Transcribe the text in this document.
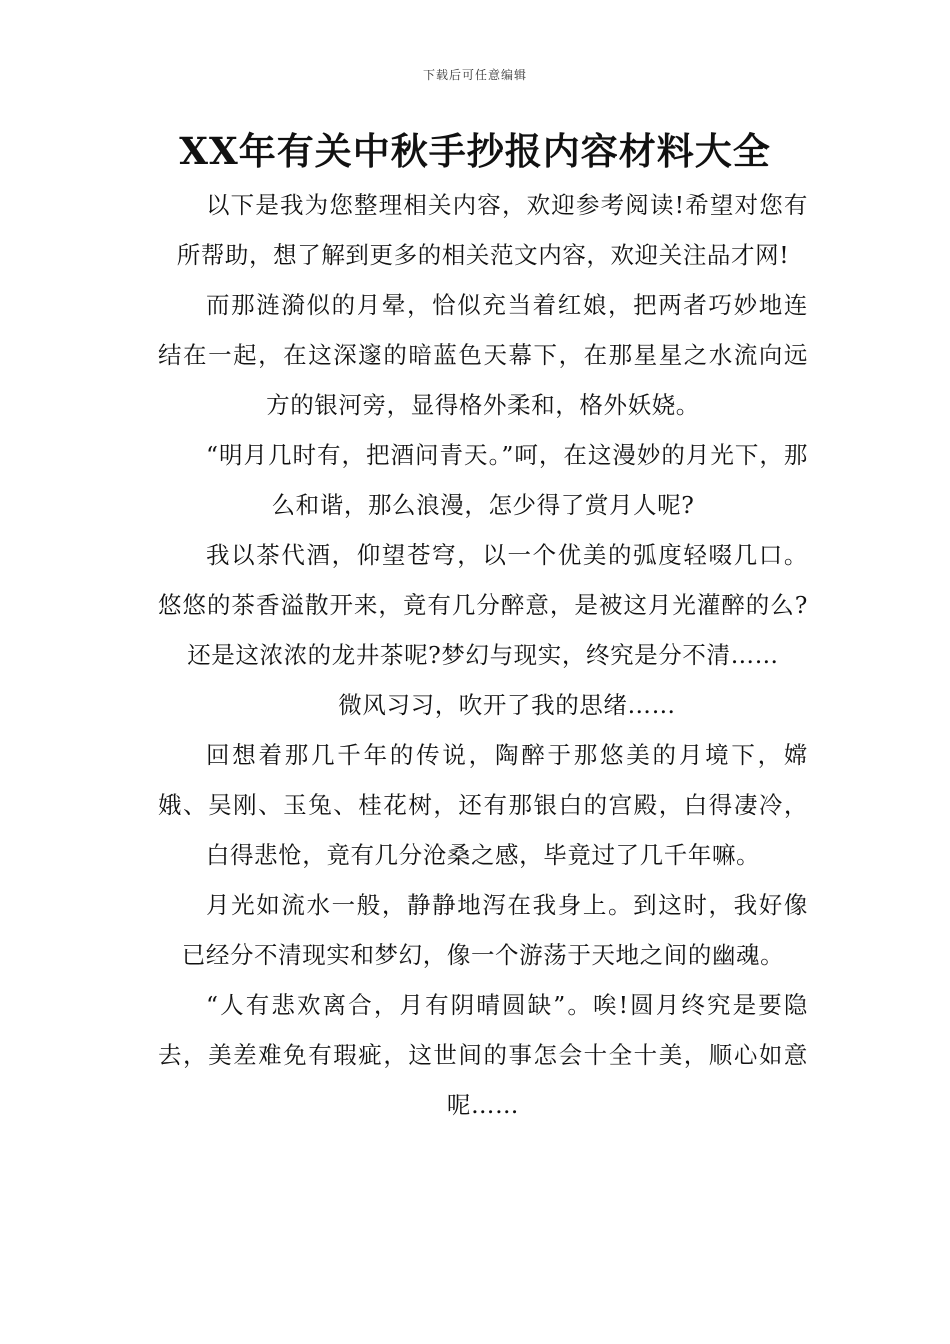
下载后可任意编辑
XX年有关中秋手抄报内容材料大全

以下是我为您整理相关内容，欢迎参考阅读!希望对您有所帮助，想了解到更多的相关范文内容，欢迎关注品才网!

而那涟漪似的月晕，恰似充当着红娘，把两者巧妙地连结在一起，在这深邃的暗蓝色天幕下，在那星星之水流向远方的银河旁，显得格外柔和，格外妖娆。

“明月几时有，把酒问青天。”呵，在这漫妙的月光下，那么和谐，那么浪漫，怎少得了赏月人呢?

我以茶代酒，仰望苍穹，以一个优美的弧度轻啜几口。悠悠的茶香溢散开来，竟有几分醉意，是被这月光灌醉的么?还是这浓浓的龙井茶呢?梦幻与现实，终究是分不清……

微风习习，吹开了我的思绪……

回想着那几千年的传说，陶醉于那悠美的月境下，嫦娥、吴刚、玉兔、桂花树，还有那银白的宫殿，白得凄冷，白得悲怆，竟有几分沧桑之感，毕竟过了几千年嘛。

月光如流水一般，静静地泻在我身上。到这时，我好像已经分不清现实和梦幻，像一个游荡于天地之间的幽魂。

“人有悲欢离合，月有阴晴圆缺”。唉!圆月终究是要隐去，美差难免有瑕疵，这世间的事怎会十全十美，顺心如意呢……
